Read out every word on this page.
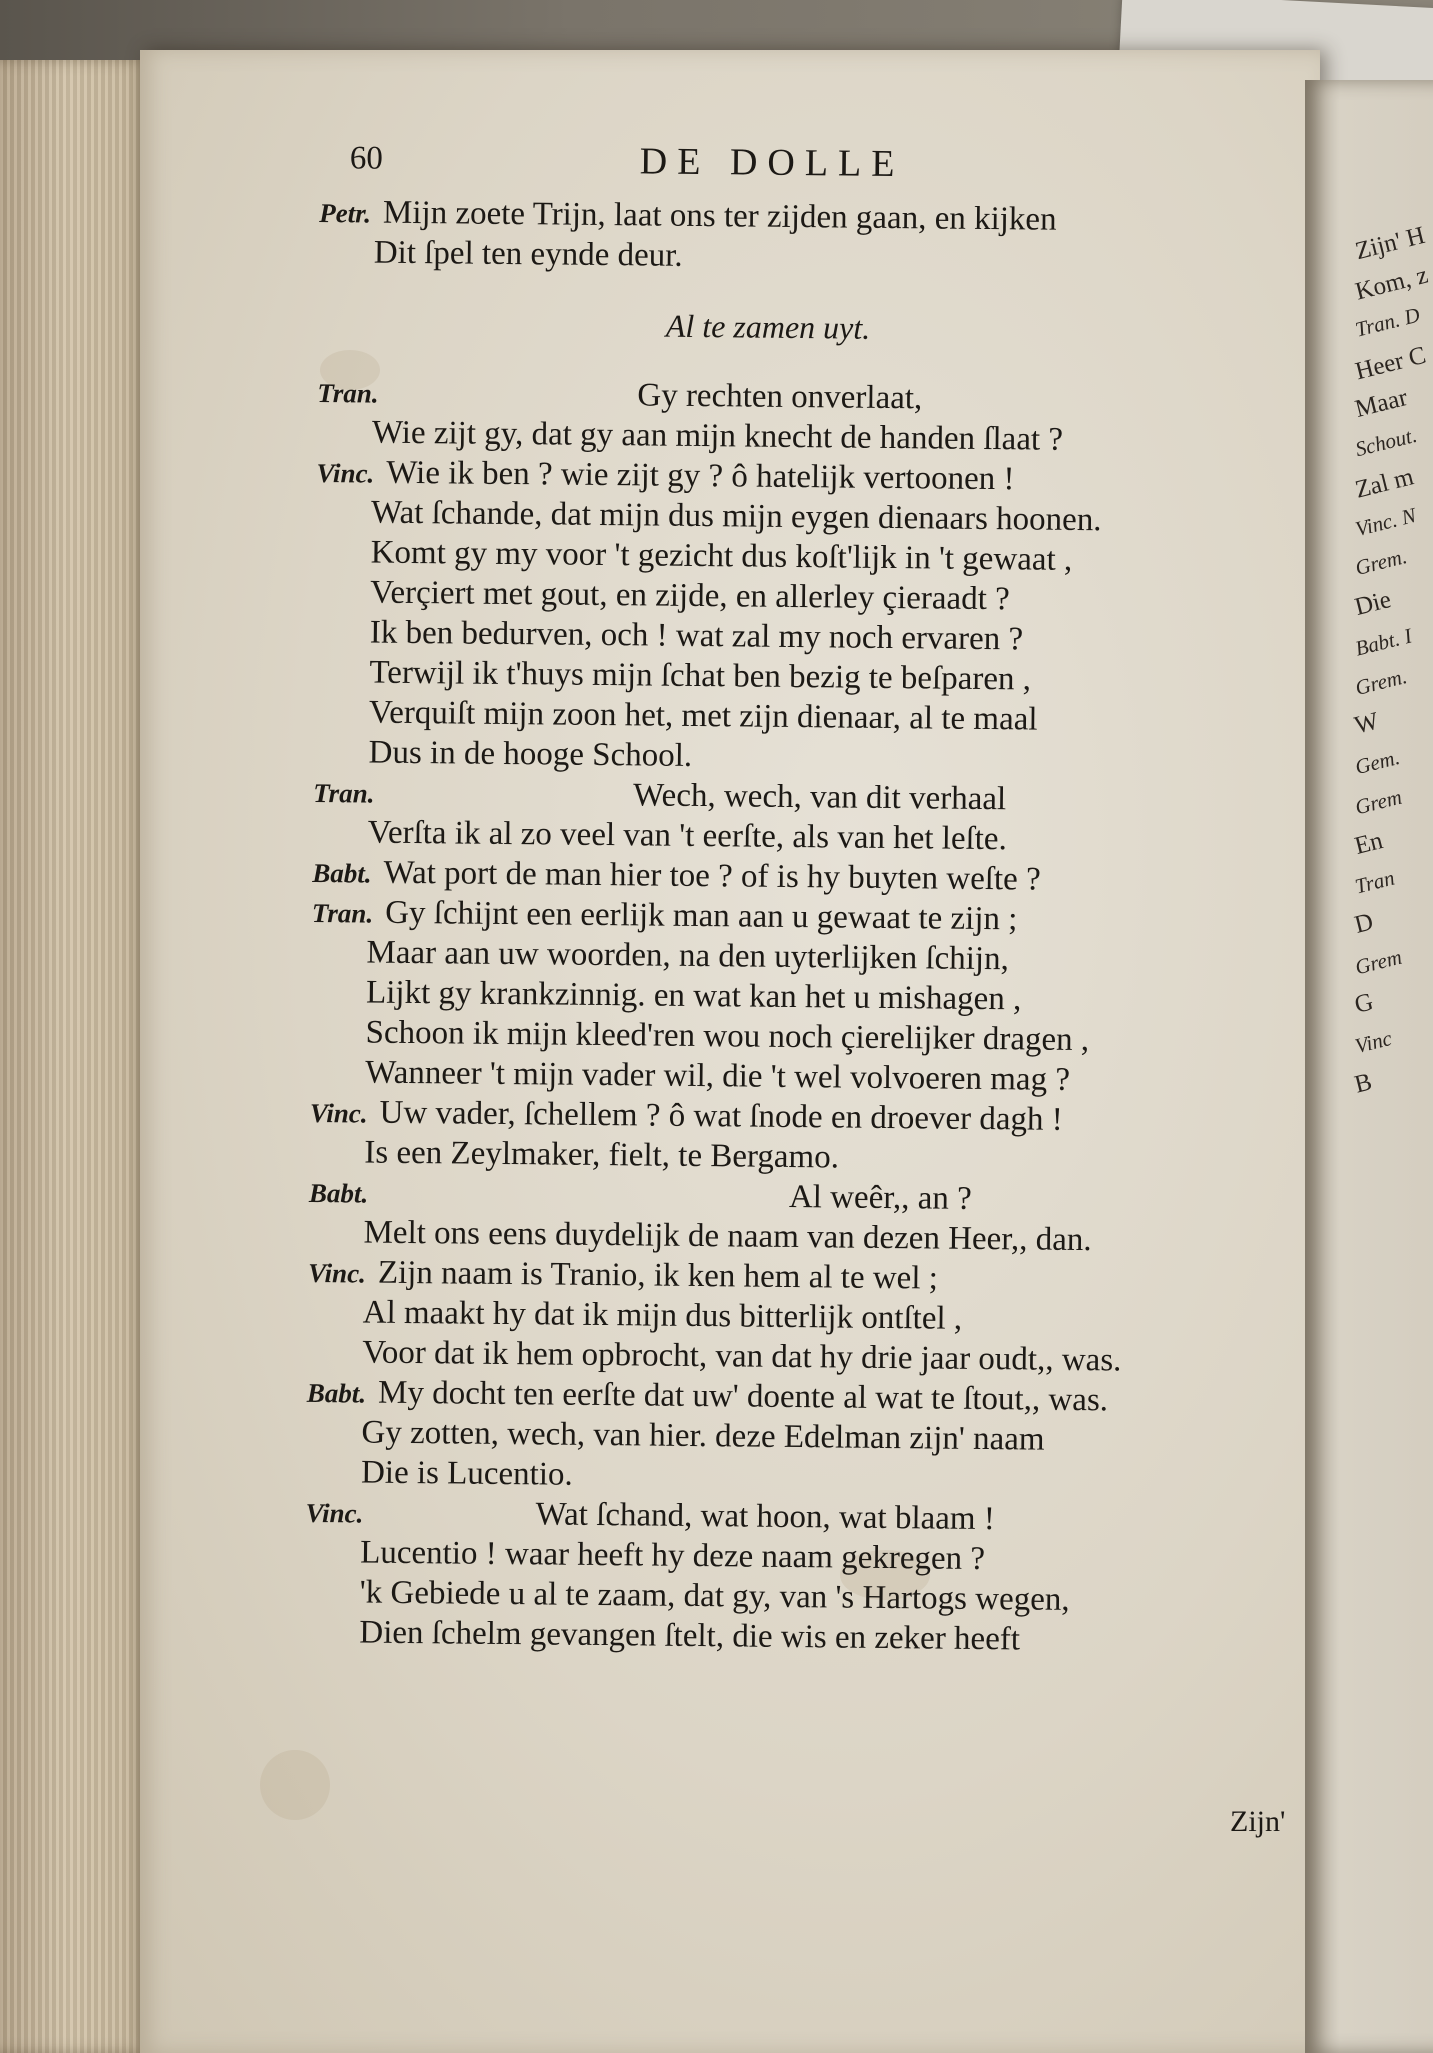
Zijn' H
Kom, z
Tran. D
Heer C
Maar
Schout.
Zal m
Vinc. N
Grem.
Die
Babt. I
Grem.
W
Gem.
Grem
En
Tran
D
Grem
G
Vinc
B
60	DE DOLLE
Petr. Mijn zoete Trijn, laat ons ter zijden gaan, en kijken
Dit ſpel ten eynde deur.
Al te zamen uyt.
Tran.	Gy rechten onverlaat,
Wie zijt gy, dat gy aan mijn knecht de handen ſlaat ?
Vinc. Wie ik ben ? wie zijt gy ? ô hatelijk vertoonen !
Wat ſchande, dat mijn dus mijn eygen dienaars hoonen.
Komt gy my voor 't gezicht dus koſt'lijk in 't gewaat ,
Verçiert met gout, en zijde, en allerley çieraadt ?
Ik ben bedurven, och ! wat zal my noch ervaren ?
Terwijl ik t'huys mijn ſchat ben bezig te beſparen ,
Verquiſt mijn zoon het, met zijn dienaar, al te maal
Dus in de hooge School.
Tran.	Wech, wech, van dit verhaal
Verſta ik al zo veel van 't eerſte, als van het leſte.
Babt. Wat port de man hier toe ? of is hy buyten weſte ?
Tran. Gy ſchijnt een eerlijk man aan u gewaat te zijn ;
Maar aan uw woorden, na den uyterlijken ſchijn,
Lijkt gy krankzinnig. en wat kan het u mishagen ,
Schoon ik mijn kleed'ren wou noch çierelijker dragen ,
Wanneer 't mijn vader wil, die 't wel volvoeren mag ?
Vinc. Uw vader, ſchellem ? ô wat ſnode en droever dagh !
Is een Zeylmaker, fielt, te Bergamo.
Babt.	Al weêr,, an ?
Melt ons eens duydelijk de naam van dezen Heer,, dan.
Vinc. Zijn naam is Tranio, ik ken hem al te wel ;
Al maakt hy dat ik mijn dus bitterlijk ontſtel ,
Voor dat ik hem opbrocht, van dat hy drie jaar oudt,, was.
Babt. My docht ten eerſte dat uw' doente al wat te ſtout,, was.
Gy zotten, wech, van hier. deze Edelman zijn' naam
Die is Lucentio.
Vinc.	Wat ſchand, wat hoon, wat blaam !
Lucentio ! waar heeft hy deze naam gekregen ?
'k Gebiede u al te zaam, dat gy, van 's Hartogs wegen,
Dien ſchelm gevangen ſtelt, die wis en zeker heeft
Zijn'
